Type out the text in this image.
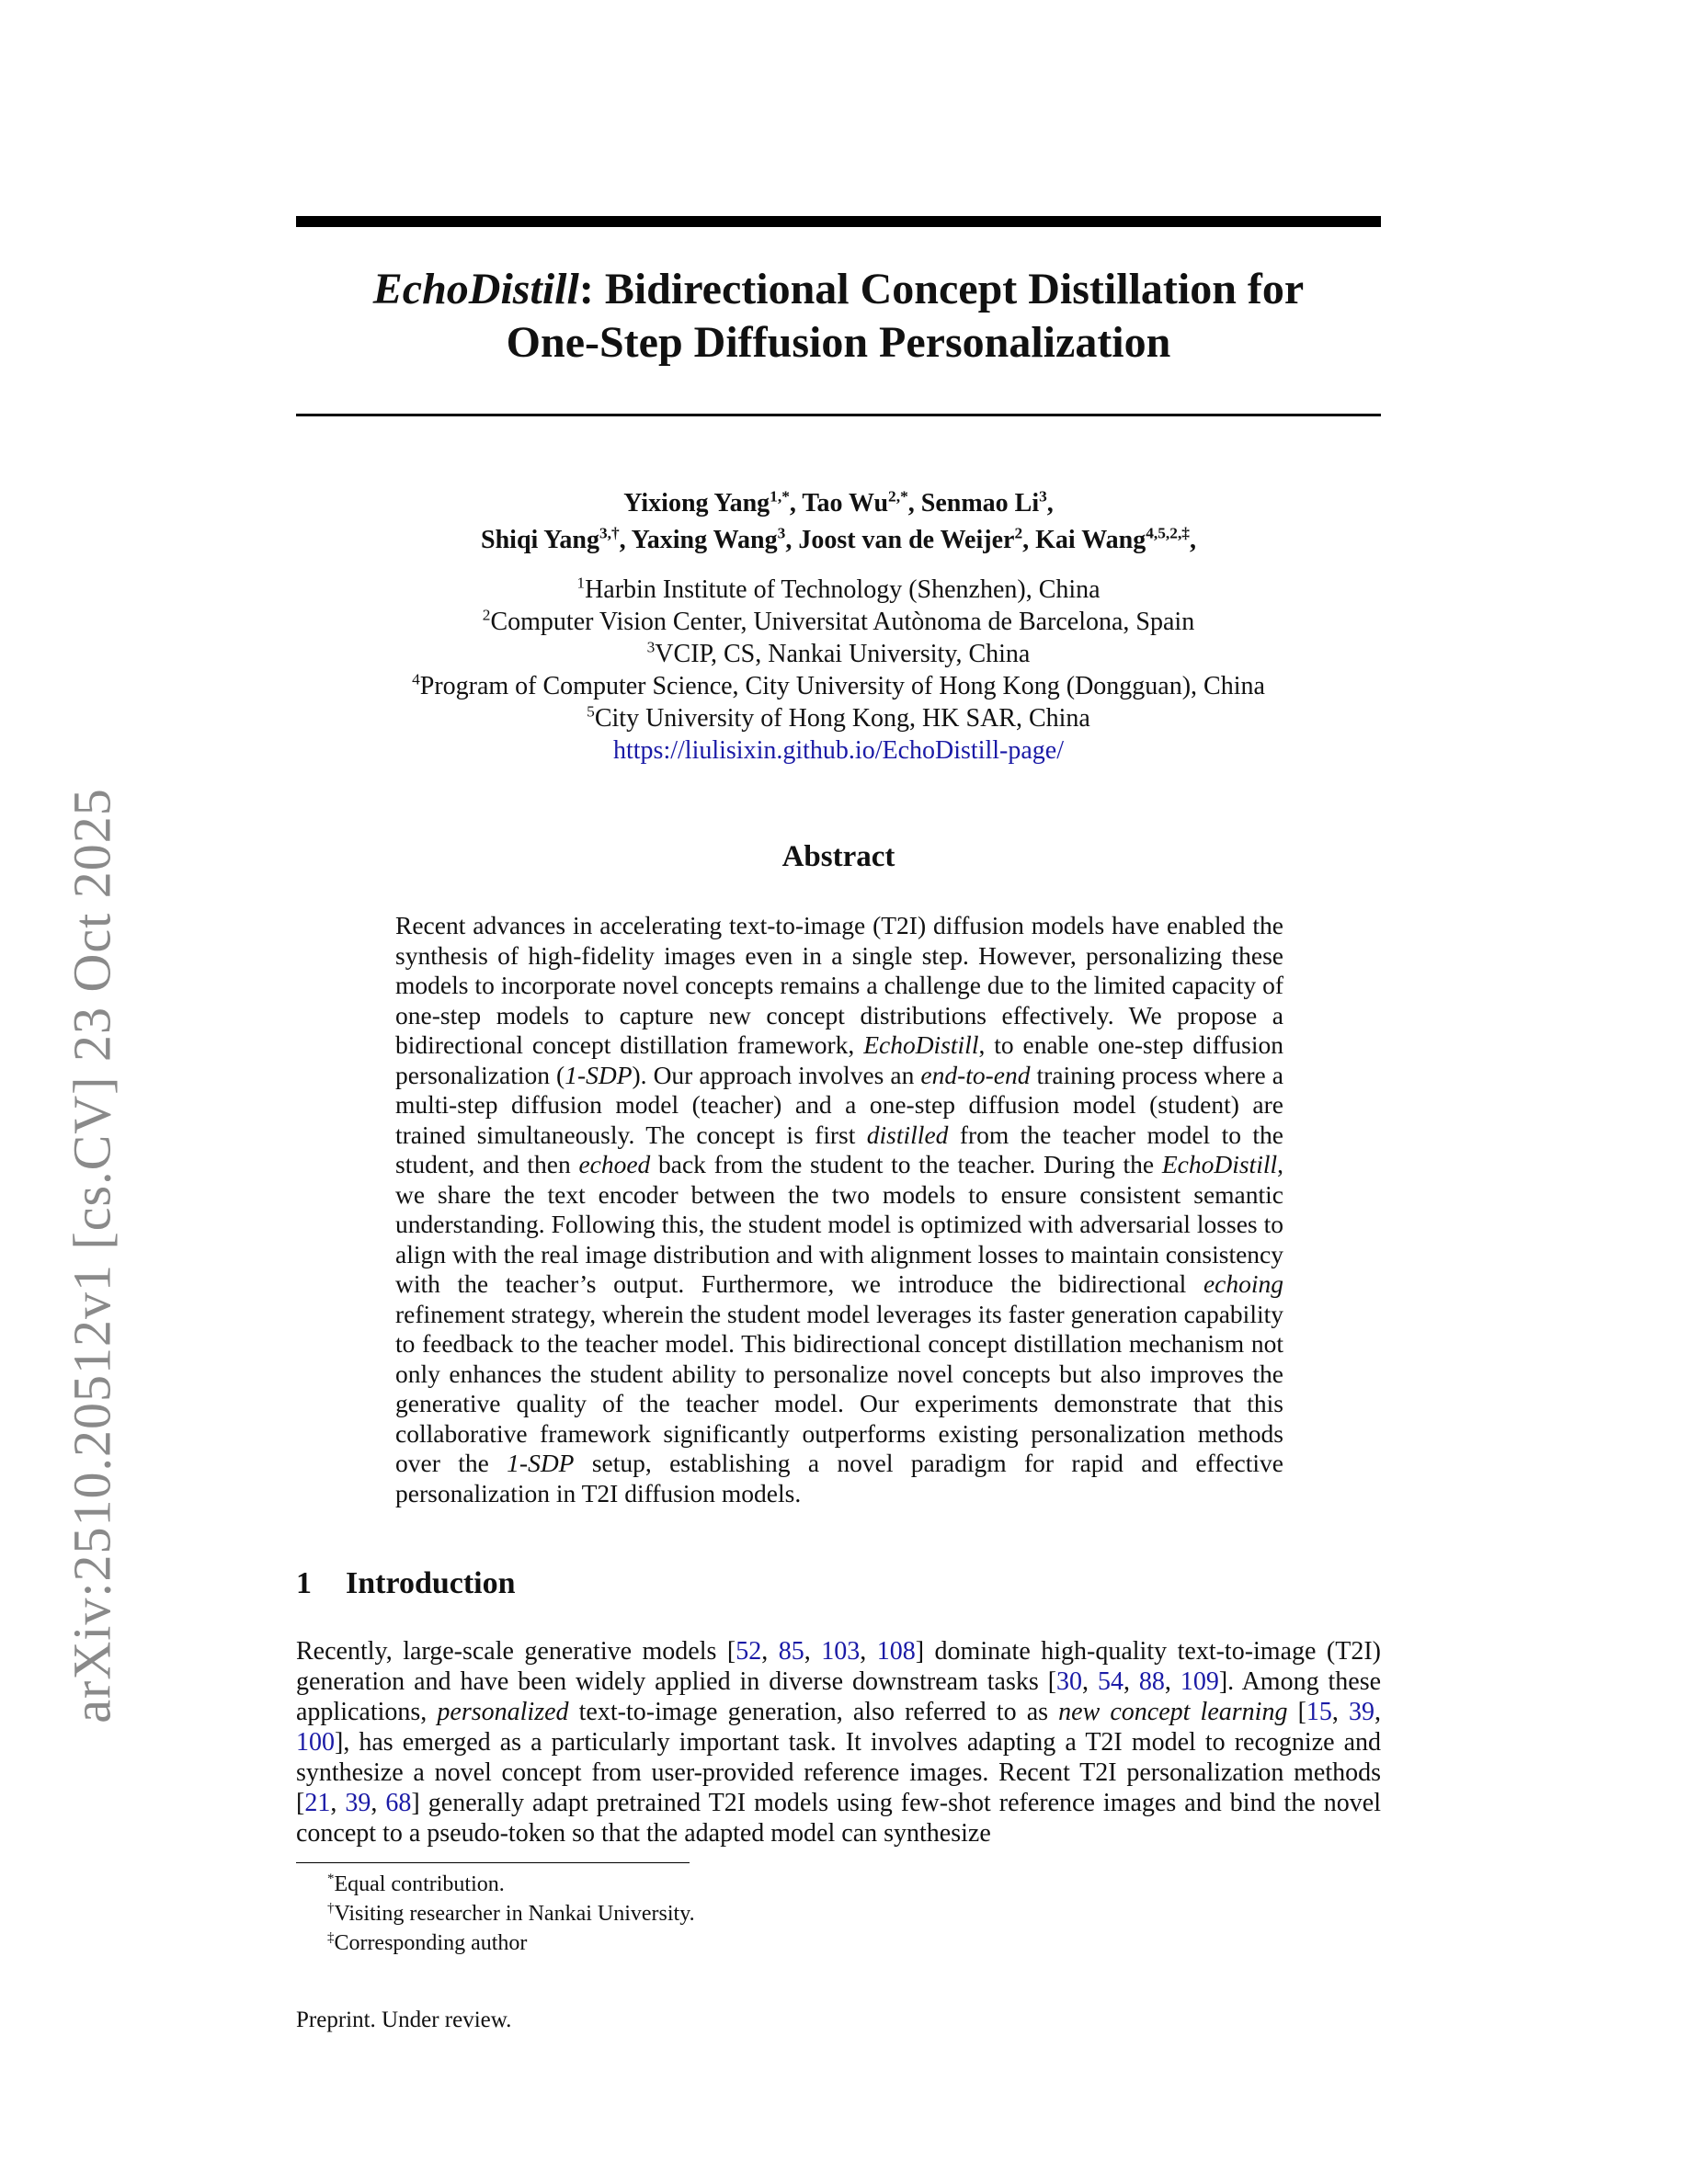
arXiv:2510.20512v1 [cs.CV] 23 Oct 2025
EchoDistill: Bidirectional Concept Distillation for
One-Step Diffusion Personalization
Yixiong Yang$^{1,*}$, Tao $Wu^{2,*}$, Senmao Li$^3$,
Shiqi Yang$^{3,\dagger}$, Yaxing Wang$^3$, Joost van de Weijer$^2$, Kai Wang$^{4,5,2,\ddagger}$,
$^1$Harbin Institute of Technology (Shenzhen), China
$^2$Computer Vision Center, Universitat Autònoma de Barcelona, Spain
$^3$VCIP, CS, Nankai University, China
$^4$Program of Computer Science, City University of Hong Kong (Dongguan), China
$^5$City University of Hong Kong, HK SAR, China
https://liulisixin.github.io/EchoDistill-page/
Abstract

Recent advances in accelerating text-to-image (T2I) diffusion models have enabled the synthesis of high-fidelity images even in a single step. However, personalizing these models to incorporate novel concepts remains a challenge due to the limited capacity of one-step models to capture new concept distributions effectively. We propose a bidirectional concept distillation framework, EchoDistill, to enable one-step diffusion personalization (1-SDP). Our approach involves an end-to-end training process where a multi-step diffusion model (teacher) and a one-step diffusion model (student) are trained simultaneously. The concept is first distilled from the teacher model to the student, and then echoed back from the student to the teacher. During the EchoDistill, we share the text encoder between the two models to ensure consistent semantic understanding. Following this, the student model is optimized with adversarial losses to align with the real image distribution and with alignment losses to maintain consistency with the teacher’s output. Furthermore, we introduce the bidirectional echoing refinement strategy, wherein the student model leverages its faster generation capability to feedback to the teacher model. This bidirectional concept distillation mechanism not only enhances the student ability to personalize novel concepts but also improves the generative quality of the teacher model. Our experiments demonstrate that this collaborative framework significantly outperforms existing personalization methods over the 1-SDP setup, establishing a novel paradigm for rapid and effective personalization in T2I diffusion models.

1 Introduction

Recently, large-scale generative models [52, 85, 103, 108] dominate high-quality text-to-image (T2I) generation and have been widely applied in diverse downstream tasks [30, 54, 88, 109]. Among these applications, personalized text-to-image generation, also referred to as new concept learning [15, 39, 100], has emerged as a particularly important task. It involves adapting a T2I model to recognize and synthesize a novel concept from user-provided reference images. Recent T2I personalization methods [21, 39, 68] generally adapt pretrained T2I models using few-shot reference images and bind the novel concept to a pseudo-token so that the adapted model can synthesize

*Equal contribution.
†Visiting researcher in Nankai University.
‡Corresponding author

Preprint. Under review.
